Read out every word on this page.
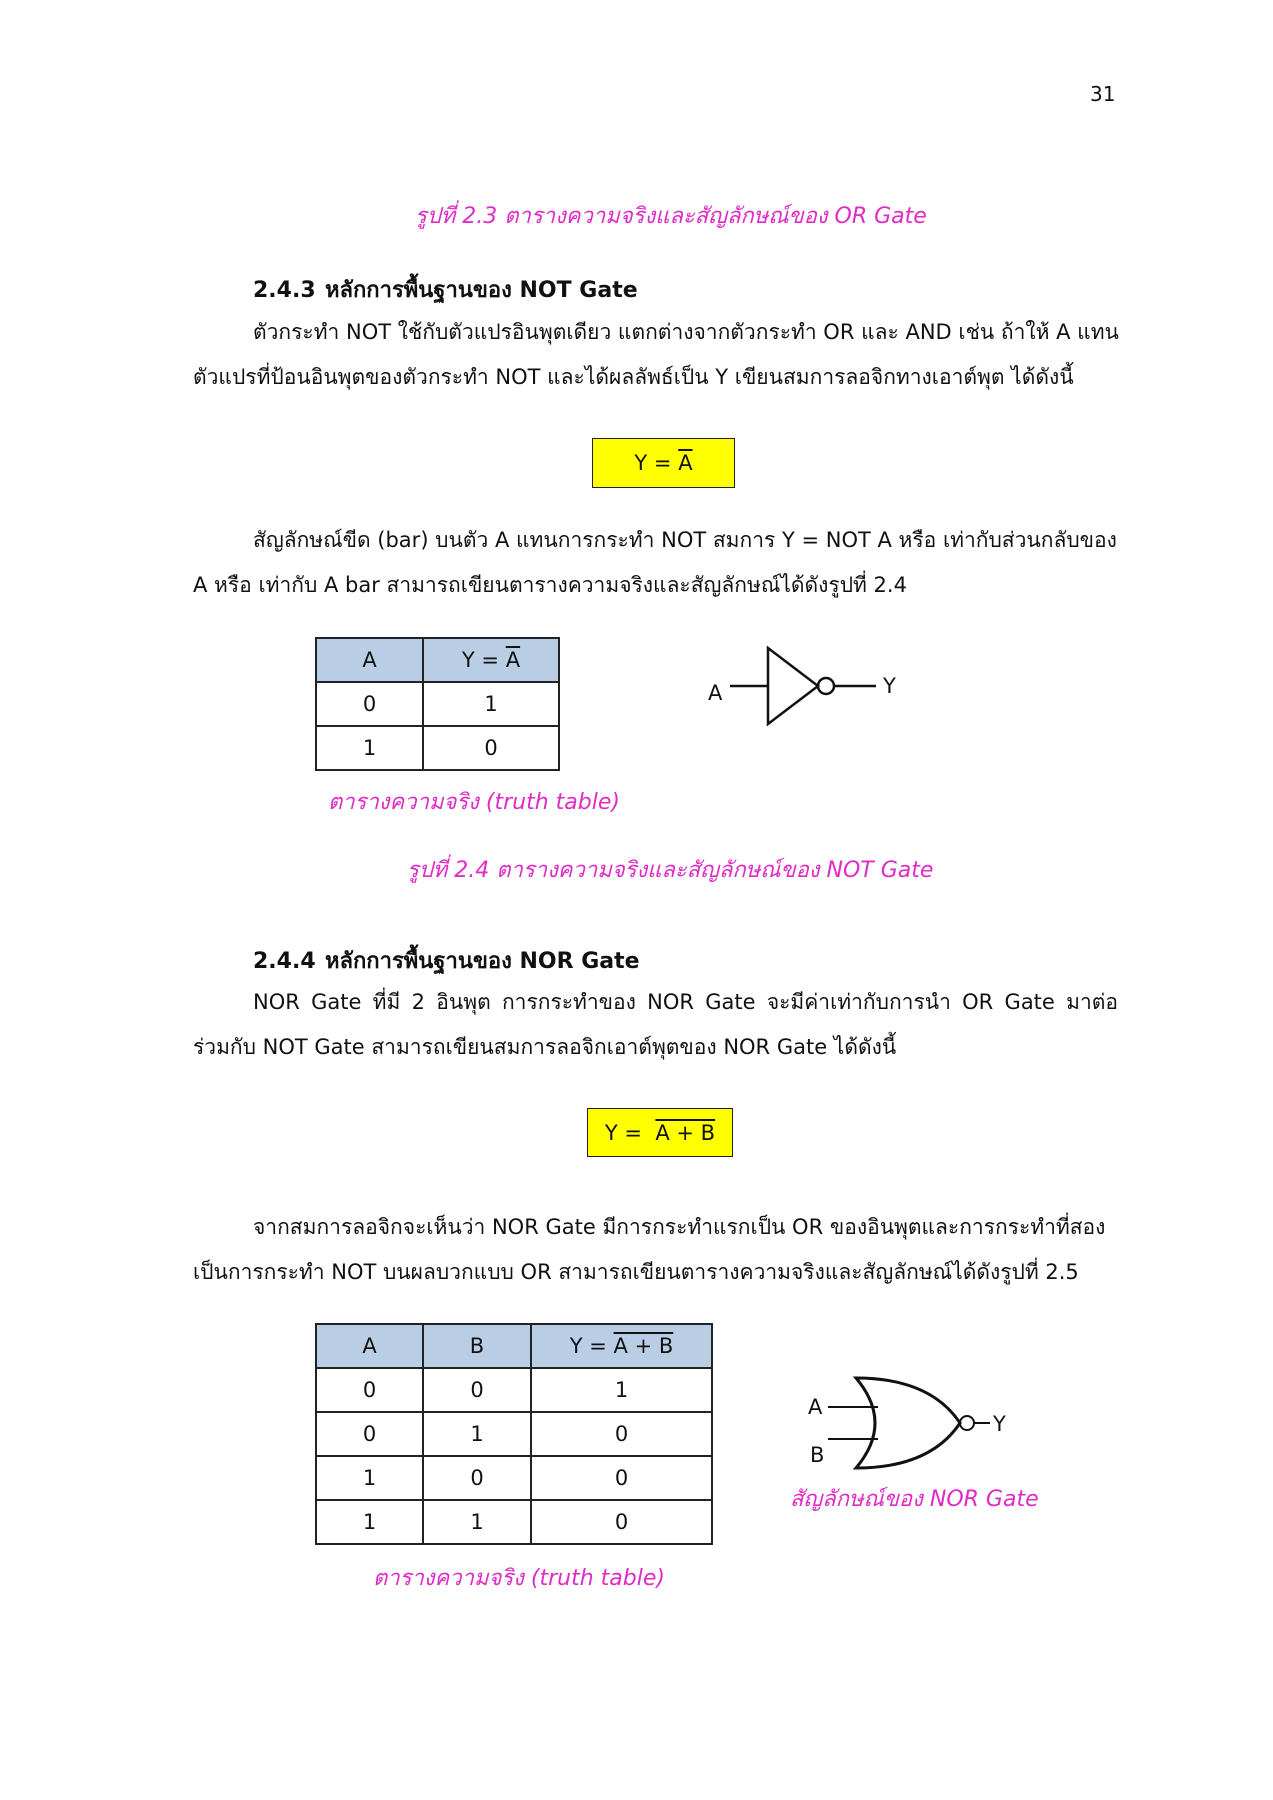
31
รูปที่ 2.3 ตารางความจริงและสัญลักษณ์ของ OR Gate
2.4.3 หลักการพื้นฐานของ NOT Gate
ตัวกระทำ NOT ใช้กับตัวแปรอินพุตเดียว แตกต่างจากตัวกระทำ OR และ AND เช่น ถ้าให้ A แทน
ตัวแปรที่ป้อนอินพุตของตัวกระทำ NOT และได้ผลลัพธ์เป็น Y เขียนสมการลอจิกทางเอาต์พุต ได้ดังนี้
Y =
$\overline{A}$
สัญลักษณ์ขีด (bar) บนตัว A แทนการกระทำ NOT สมการ Y = NOT A หรือ เท่ากับส่วนกลับของ
A หรือ เท่ากับ A bar สามารถเขียนตารางความจริงและสัญลักษณ์ได้ดังรูปที่ 2.4
A	$Y = \overline{A}$
0	1
1	0
ตารางความจริง (truth table)
A	Y
รูปที่ 2.4 ตารางความจริงและสัญลักษณ์ของ NOT Gate
2.4.4 หลักการพื้นฐานของ NOR Gate
NOR Gate ที่มี 2 อินพุต การกระทำของ NOR Gate จะมีค่าเท่ากับการนำ OR Gate มาต่อ
ร่วมกับ NOT Gate สามารถเขียนสมการลอจิกเอาต์พุตของ NOR Gate ได้ดังนี้
Y =
A + B
จากสมการลอจิกจะเห็นว่า NOR Gate มีการกระทำแรกเป็น OR ของอินพุตและการกระทำที่สอง
เป็นการกระทำ NOT บนผลบวกแบบ OR สามารถเขียนตารางความจริงและสัญลักษณ์ได้ดังรูปที่ 2.5
A	B	Y = A + B
0	0	1
0	1	0
1	0	0
1	1	0
ตารางความจริง (truth table)
A
B
Y
สัญลักษณ์ของ NOR Gate
